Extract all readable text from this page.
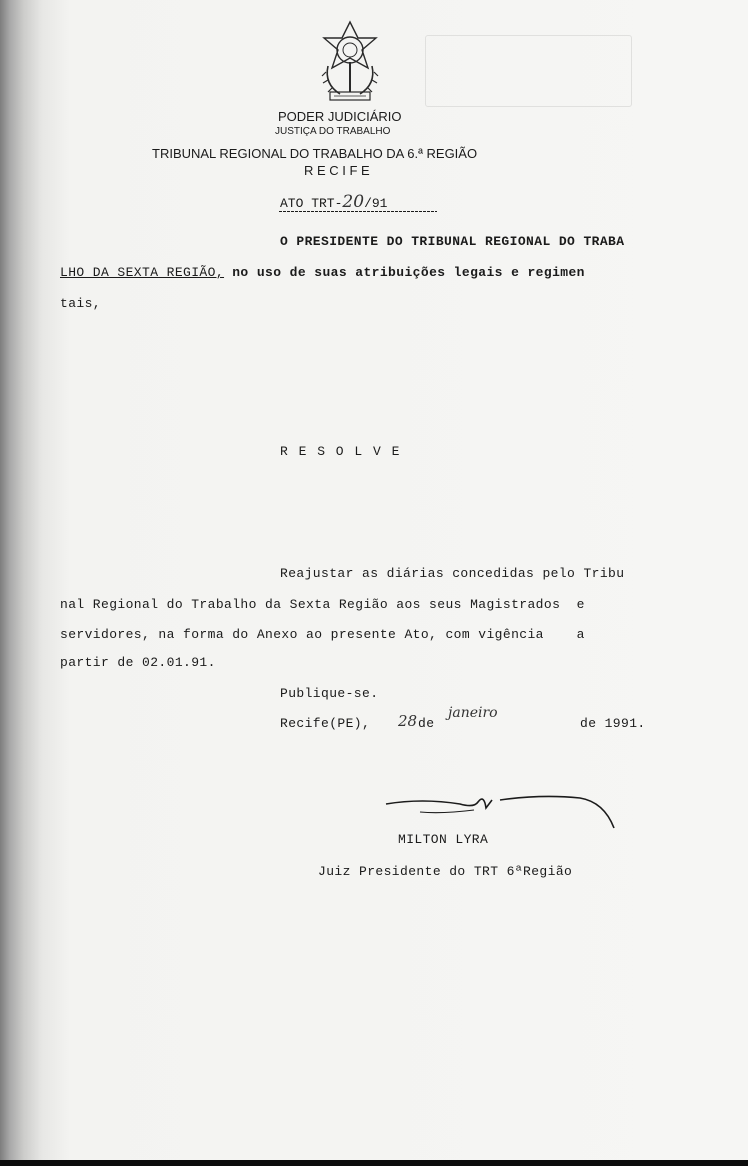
PODER JUDICIÁRIO
JUSTIÇA DO TRABALHO
TRIBUNAL REGIONAL DO TRABALHO DA 6.ª REGIÃO
R E C I F E
ATO TRT-20/91
O PRESIDENTE DO TRIBUNAL REGIONAL DO TRABA
LHO DA SEXTA REGIÃO, no uso de suas atribuições legais e regimen
tais,
R E S O L V E
Reajustar as diárias concedidas pelo Tribu
nal Regional do Trabalho da Sexta Região aos seus Magistrados  e
servidores, na forma do Anexo ao presente Ato, com vigência    a
partir de 02.01.91.
Publique-se.
Recife(PE), 28 de
janeiro
de 1991.
MILTON LYRA
Juiz Presidente do TRT 6ªRegião
